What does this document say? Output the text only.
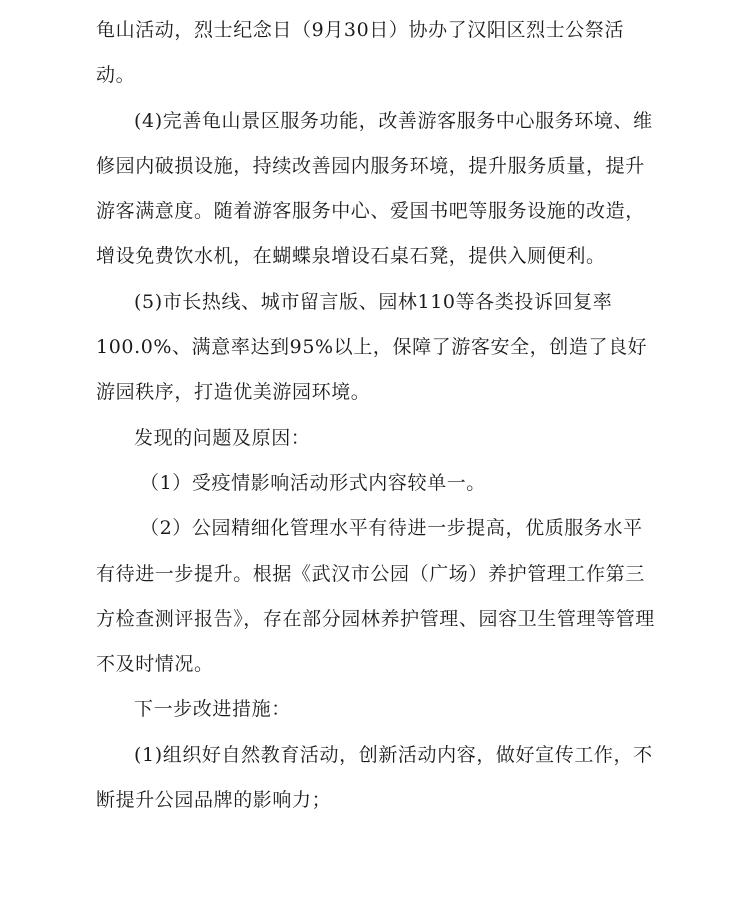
龟山活动，烈士纪念日（9月30日）协办了汉阳区烈士公祭活动。

(4)完善龟山景区服务功能，改善游客服务中心服务环境、维修园内破损设施，持续改善园内服务环境，提升服务质量，提升游客满意度。随着游客服务中心、爱国书吧等服务设施的改造，增设免费饮水机，在蝴蝶泉增设石桌石凳，提供入厕便利。

(5)市长热线、城市留言版、园林110等各类投诉回复率100.0%、满意率达到95%以上，保障了游客安全，创造了良好游园秩序，打造优美游园环境。

发现的问题及原因：

（1）受疫情影响活动形式内容较单一。

（2）公园精细化管理水平有待进一步提高，优质服务水平有待进一步提升。根据《武汉市公园（广场）养护管理工作第三方检查测评报告》，存在部分园林养护管理、园容卫生管理等管理不及时情况。

下一步改进措施：

(1)组织好自然教育活动，创新活动内容，做好宣传工作，不断提升公园品牌的影响力；
